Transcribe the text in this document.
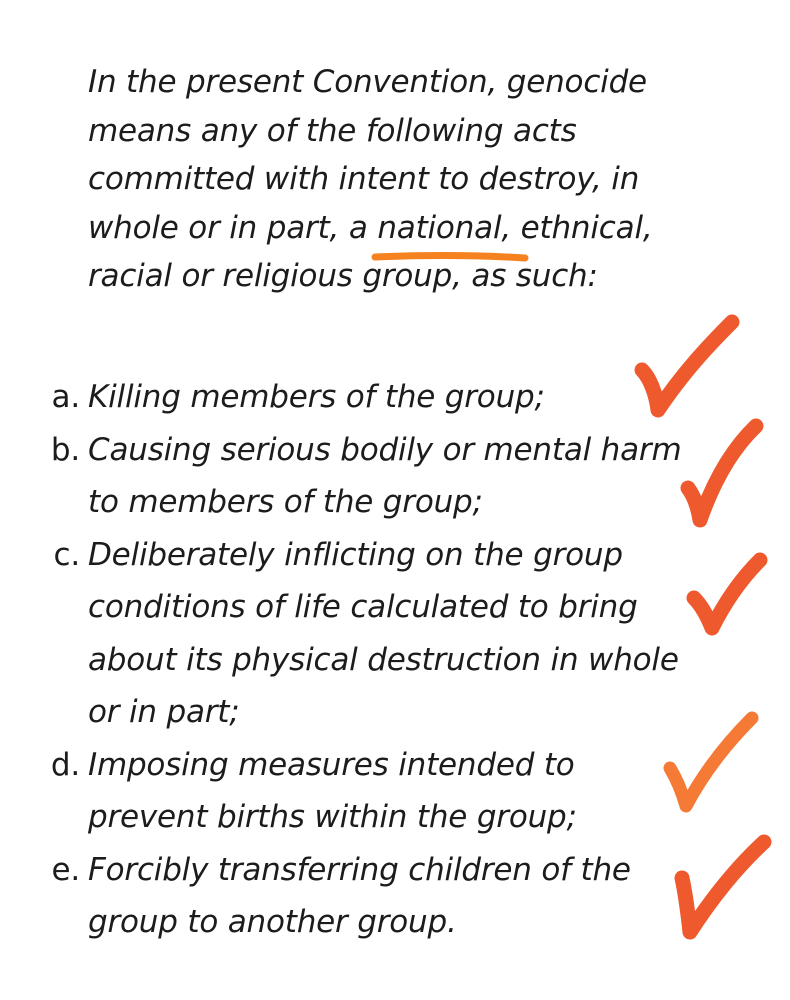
In the present Convention, genocide
means any of the following acts
committed with intent to destroy, in
whole or in part, a national, ethnical,
racial or religious group, as such:

a. Killing members of the group;
b. Causing serious bodily or mental harm
to members of the group;
c. Deliberately inflicting on the group
conditions of life calculated to bring
about its physical destruction in whole
or in part;
d. Imposing measures intended to
prevent births within the group;
e. Forcibly transferring children of the
group to another group.
